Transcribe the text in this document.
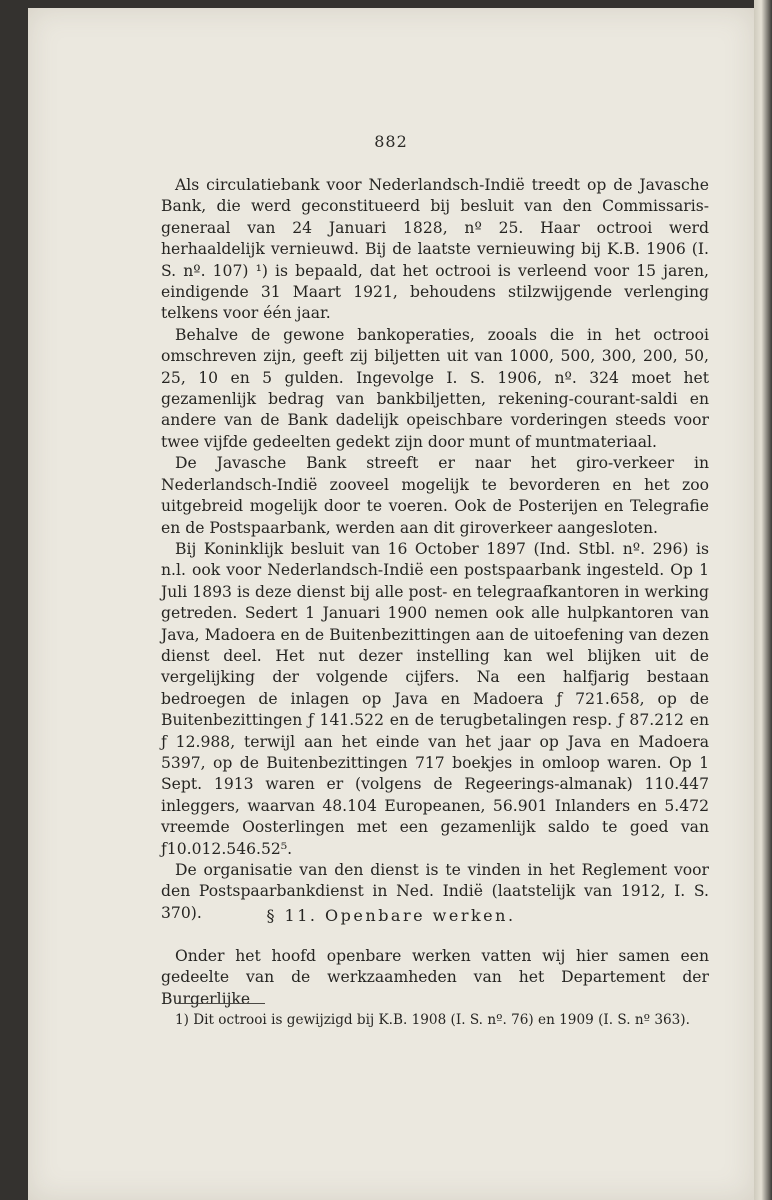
882

Als circulatiebank voor Nederlandsch-Indië treedt op de Javasche Bank, die werd geconstitueerd bij besluit van den Commissaris-generaal van 24 Januari 1828, nº 25. Haar octrooi werd herhaaldelijk vernieuwd. Bij de laatste vernieuwing bij K.B. 1906 (I. S. nº. 107) ¹) is bepaald, dat het octrooi is verleend voor 15 jaren, eindigende 31 Maart 1921, behoudens stilzwijgende verlenging telkens voor één jaar.

Behalve de gewone bankoperaties, zooals die in het octrooi omschreven zijn, geeft zij biljetten uit van 1000, 500, 300, 200, 50, 25, 10 en 5 gulden. Ingevolge I. S. 1906, nº. 324 moet het gezamenlijk bedrag van bankbiljetten, rekening-courant-saldi en andere van de Bank dadelijk opeischbare vorderingen steeds voor twee vijfde gedeelten gedekt zijn door munt of muntmateriaal.

De Javasche Bank streeft er naar het giro-verkeer in Nederlandsch-Indië zooveel mogelijk te bevorderen en het zoo uitgebreid mogelijk door te voeren. Ook de Posterijen en Telegrafie en de Postspaarbank, werden aan dit giroverkeer aangesloten.

Bij Koninklijk besluit van 16 October 1897 (Ind. Stbl. nº. 296) is n.l. ook voor Nederlandsch-Indië een postspaarbank ingesteld. Op 1 Juli 1893 is deze dienst bij alle post- en telegraafkantoren in werking getreden. Sedert 1 Januari 1900 nemen ook alle hulpkantoren van Java, Madoera en de Buitenbezittingen aan de uitoefening van dezen dienst deel. Het nut dezer instelling kan wel blijken uit de vergelijking der volgende cijfers. Na een halfjarig bestaan bedroegen de inlagen op Java en Madoera ƒ 721.658, op de Buitenbezittingen ƒ 141.522 en de terugbetalingen resp. ƒ 87.212 en ƒ 12.988, terwijl aan het einde van het jaar op Java en Madoera 5397, op de Buitenbezittingen 717 boekjes in omloop waren. Op 1 Sept. 1913 waren er (volgens de Regeerings-almanak) 110.447 inleggers, waarvan 48.104 Europeanen, 56.901 Inlanders en 5.472 vreemde Oosterlingen met een gezamenlijk saldo te goed van ƒ10.012.546.52⁵.

De organisatie van den dienst is te vinden in het Reglement voor den Postspaarbankdienst in Ned. Indië (laatstelijk van 1912, I. S. 370).	§ 11. Openbare werken.

Onder het hoofd openbare werken vatten wij hier samen een gedeelte van de werkzaamheden van het Departement der Burgerlijke

1) Dit octrooi is gewijzigd bij K.B. 1908 (I. S. nº. 76) en 1909 (I. S. nº 363).
